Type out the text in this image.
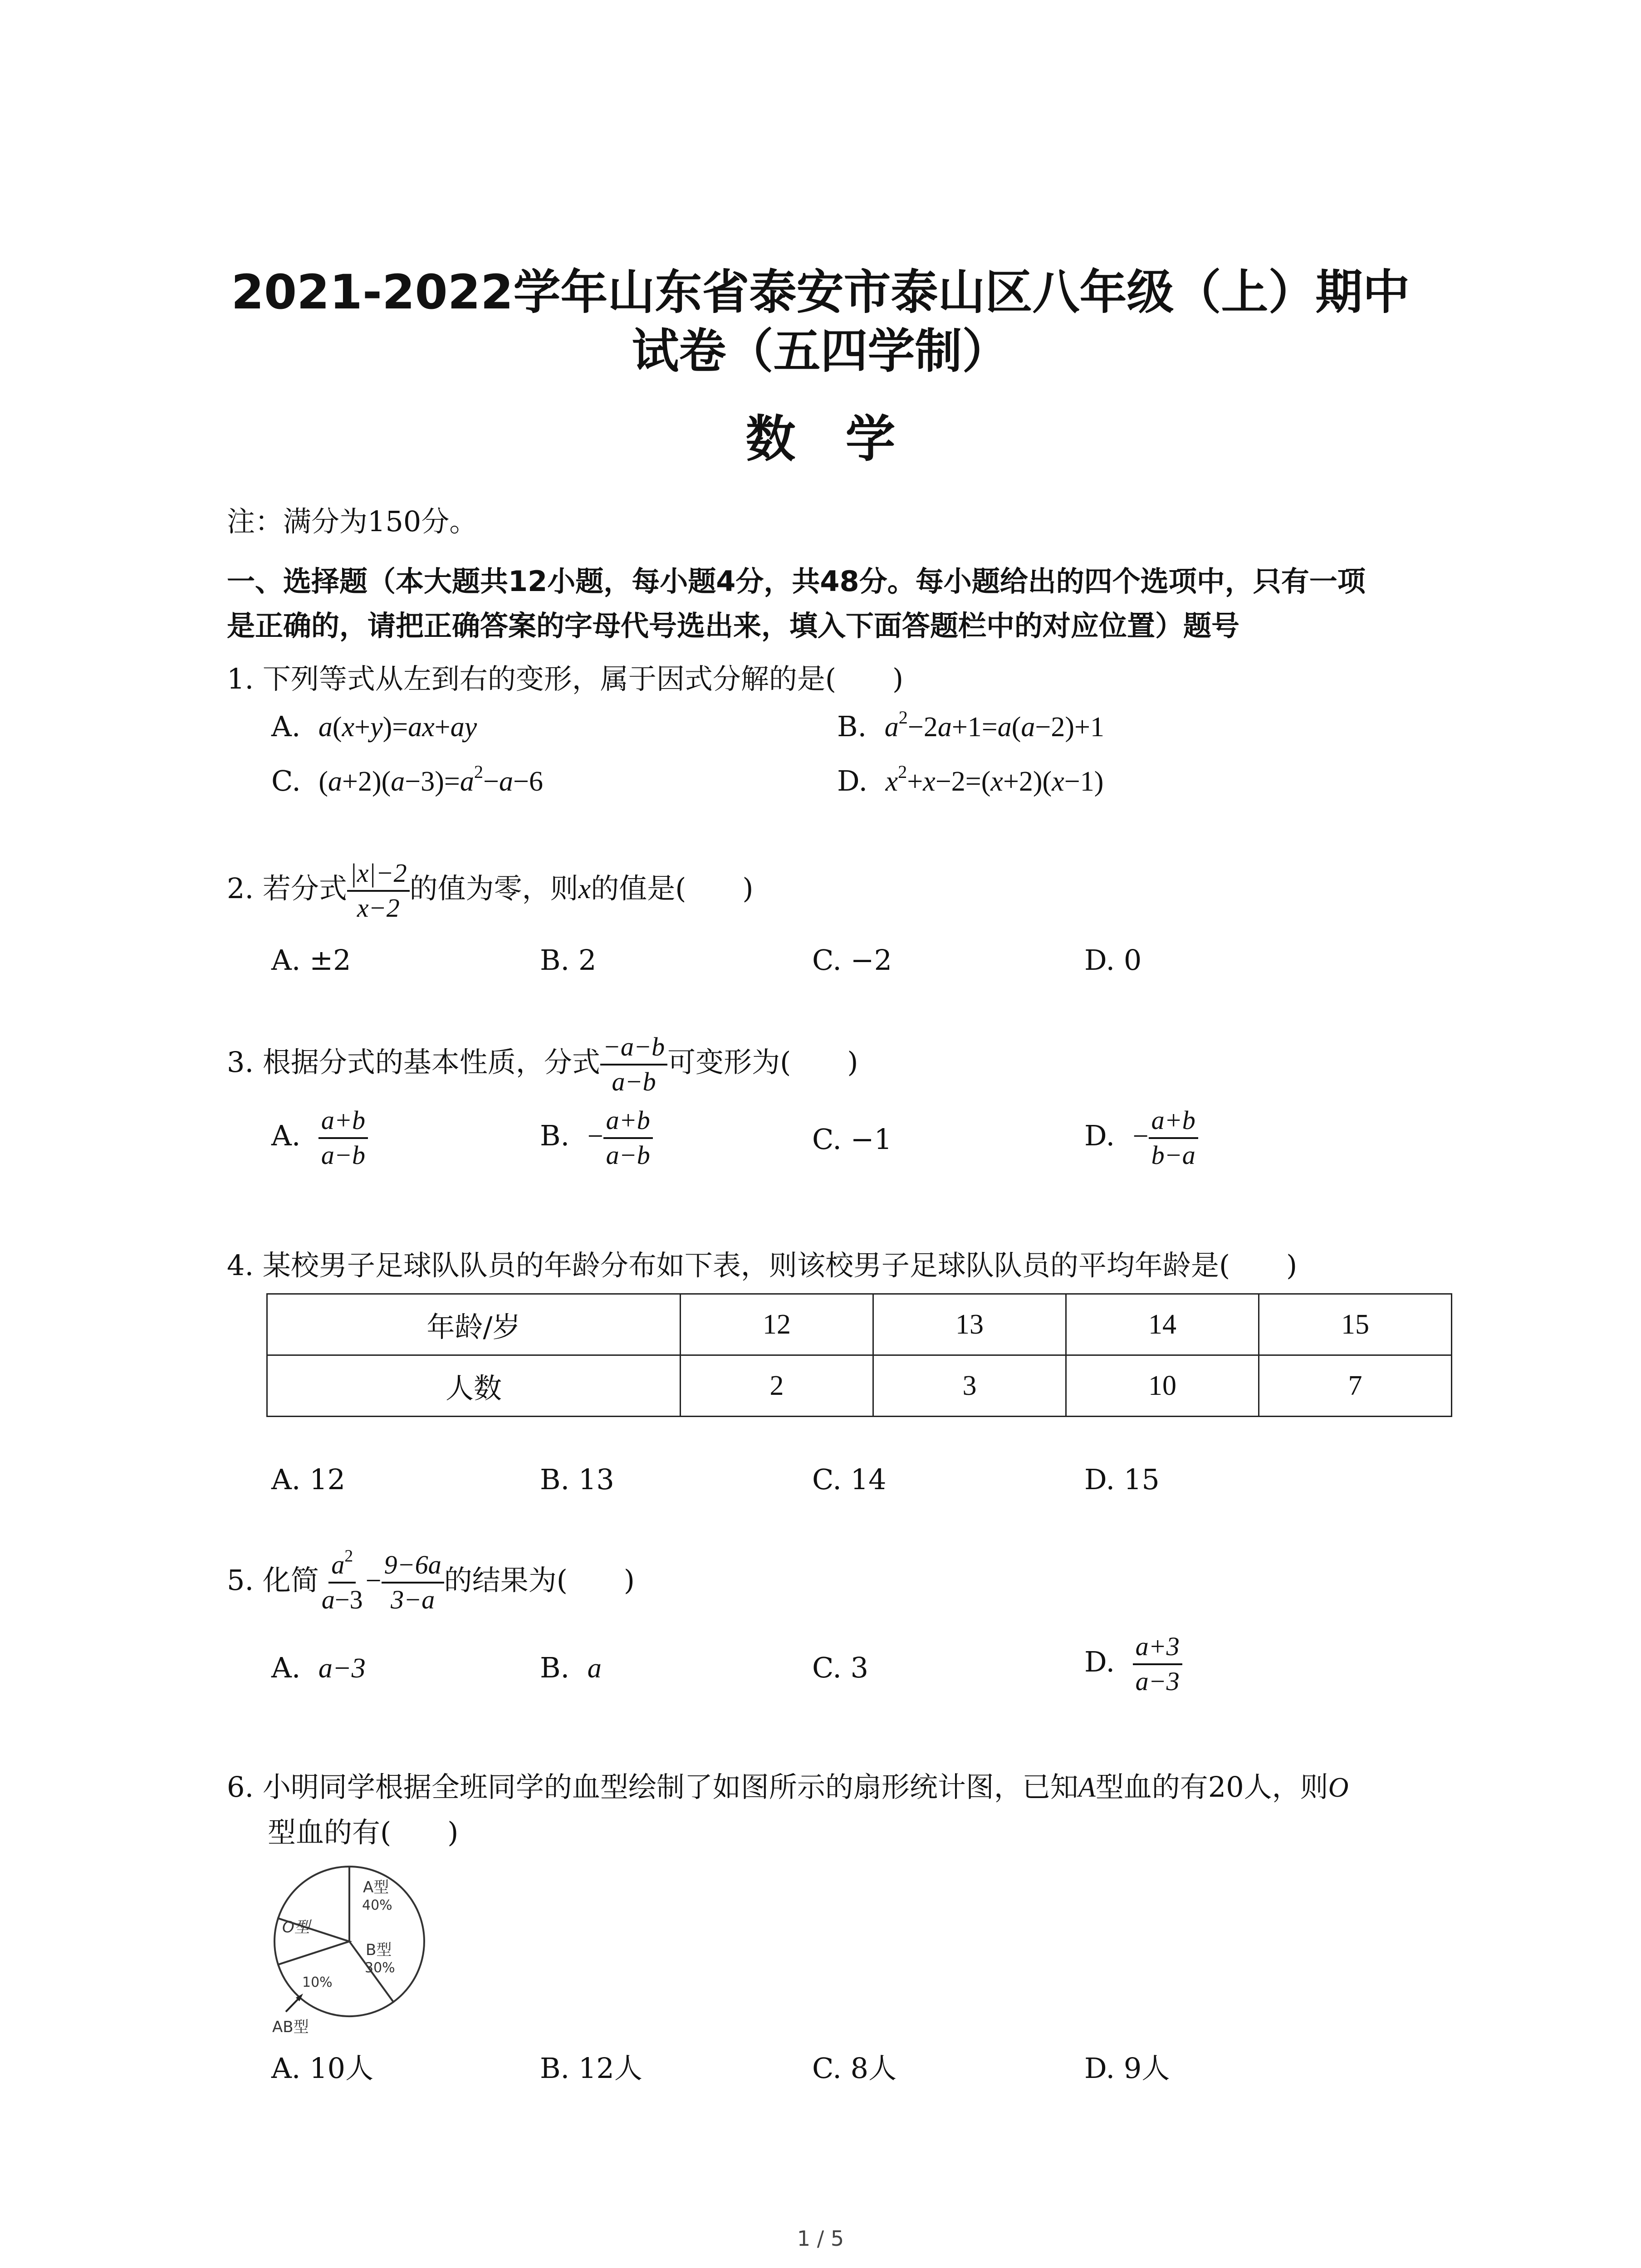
2021-2022学年山东省泰安市泰山区八年级（上）期中
试卷（五四学制）
数学
注：满分为150分。
一、选择题（本大题共12小题，每小题4分，共48分。每小题给出的四个选项中，只有一项
是正确的，请把正确答案的字母代号选出来，填入下面答题栏中的对应位置）题号
1. 下列等式从左到右的变形，属于因式分解的是(　　)
A. a(x+y)=ax+ay	B. $a^2-2a+1=a(a-2)+1$
C. $(a+2)(a-3)=a^2-a-6$	D. $x^2+x-2=(x+2)(x-1)$
2. 若分式 $\frac{|x|-2}{x-2}$ 的值为零，则x的值是(　　)
A. ±2	B. 2	C. −2	D. 0
3. 根据分式的基本性质，分式 $\frac{-a-b}{a-b}$ 可变形为(　　)
A. $\frac{a+b}{a-b}$	B. − $\frac{a+b}{a-b}$	C. −1	D. − $\frac{a+b}{b-a}$
4. 某校男子足球队队员的年龄分布如下表，则该校男子足球队队员的平均年龄是(　　)
年龄/岁	12	13	14	15
人数	2	3	10	7
A. 12	B. 13	C. 14	D. 15
5. 化简 $\frac{a^2}{a-3} - \frac{9-6a}{3-a}$ 的结果为(　　)
A. a−3	B. a	C. 3	D. $\frac{a+3}{a-3}$
6. 小明同学根据全班同学的血型绘制了如图所示的扇形统计图，已知A型血的有20人，则O
型血的有(　　)
A型
40%
O型
B型
30%
10%
AB型
A. 10人	B. 12人	C. 8人	D. 9人
1 / 5
